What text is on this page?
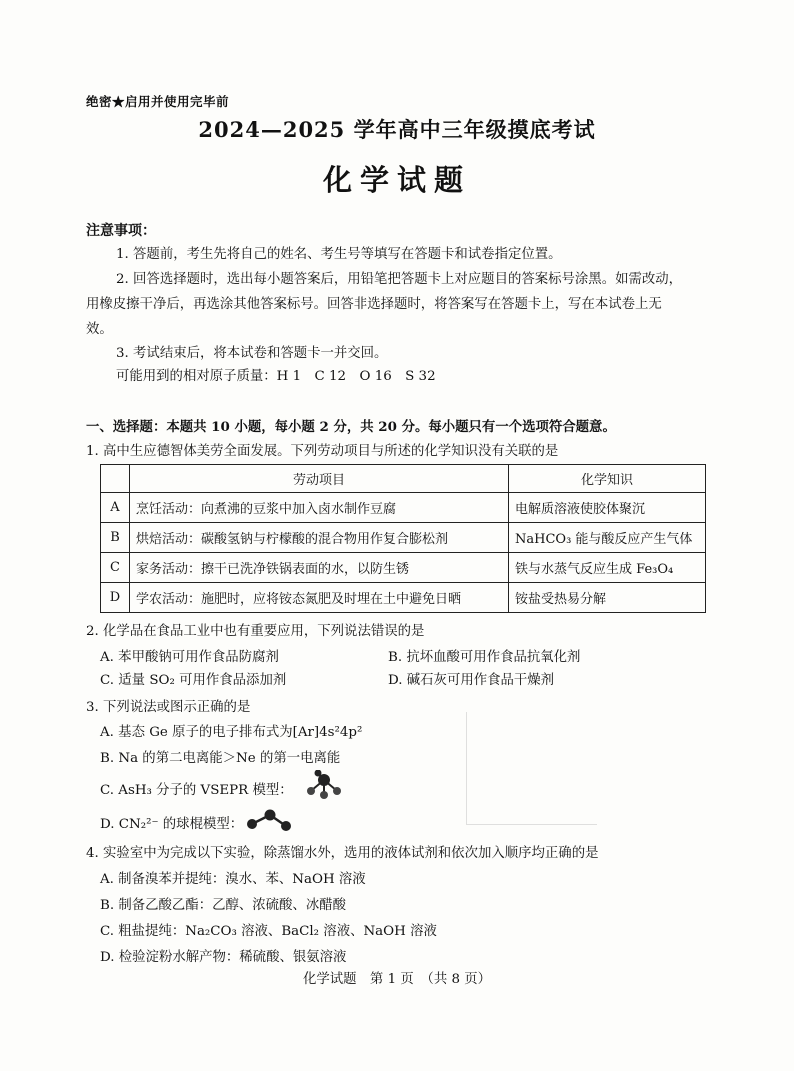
绝密★启用并使用完毕前
2024—2025 学年高中三年级摸底考试
化学试题
注意事项：
1. 答题前，考生先将自己的姓名、考生号等填写在答题卡和试卷指定位置。
2. 回答选择题时，选出每小题答案后，用铅笔把答题卡上对应题目的答案标号涂黑。如需改动，用橡皮擦干净后，再选涂其他答案标号。回答非选择题时，将答案写在答题卡上，写在本试卷上无效。
3. 考试结束后，将本试卷和答题卡一并交回。
可能用到的相对原子质量：H 1　C 12　O 16　S 32
一、选择题：本题共 10 小题，每小题 2 分，共 20 分。每小题只有一个选项符合题意。
1. 高中生应德智体美劳全面发展。下列劳动项目与所述的化学知识没有关联的是
	劳动项目	化学知识
A	烹饪活动：向煮沸的豆浆中加入卤水制作豆腐	电解质溶液使胶体聚沉
B	烘焙活动：碳酸氢钠与柠檬酸的混合物用作复合膨松剂	NaHCO₃ 能与酸反应产生气体
C	家务活动：擦干已洗净铁锅表面的水，以防生锈	铁与水蒸气反应生成 Fe₃O₄
D	学农活动：施肥时，应将铵态氮肥及时埋在土中避免日晒	铵盐受热易分解
2. 化学品在食品工业中也有重要应用，下列说法错误的是
A. 苯甲酸钠可用作食品防腐剂	B. 抗坏血酸可用作食品抗氧化剂
C. 适量 SO₂ 可用作食品添加剂	D. 碱石灰可用作食品干燥剂
3. 下列说法或图示正确的是
A. 基态 Ge 原子的电子排布式为[Ar]4s²4p²
B. Na 的第二电离能＞Ne 的第一电离能
C. AsH₃ 分子的 VSEPR 模型：
D. CN₂²⁻ 的球棍模型：
4. 实验室中为完成以下实验，除蒸馏水外，选用的液体试剂和依次加入顺序均正确的是
A. 制备溴苯并提纯：溴水、苯、NaOH 溶液
B. 制备乙酸乙酯：乙醇、浓硫酸、冰醋酸
C. 粗盐提纯：Na₂CO₃ 溶液、BaCl₂ 溶液、NaOH 溶液
D. 检验淀粉水解产物：稀硫酸、银氨溶液
化学试题　第 1 页　（共 8 页）
